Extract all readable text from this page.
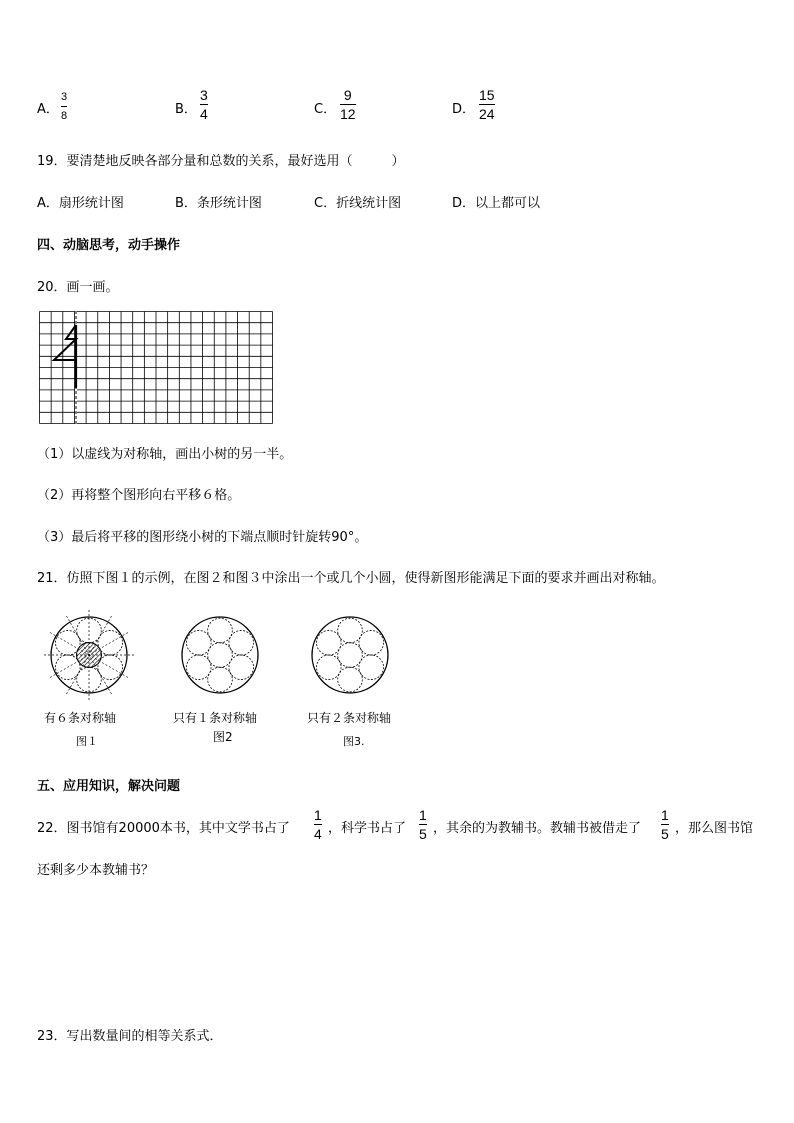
A．
3
8	B．
3
4	C．
9
12	D．
15
24
19．要清楚地反映各部分量和总数的关系，最好选用（　　　）
A．扇形统计图	B．条形统计图	C．折线统计图	D．以上都可以
四、动脑思考，动手操作
20．画一画。
（1）以虚线为对称轴，画出小树的另一半。
（2）再将整个图形向右平移６格。
（3）最后将平移的图形绕小树的下端点顺时针旋转90°。
21．仿照下图１的示例，在图２和图３中涂出一个或几个小圆，使得新图形能满足下面的要求并画出对称轴。
有６条对称轴	只有１条对称轴	只有２条对称轴
图１	图2	图3.
五、应用知识，解决问题
22．图书馆有20000本书，其中文学书占了
1
4 ，科学书占了
1
5 ，其余的为教辅书。教辅书被借走了
1
5 ，那么图书馆
还剩多少本教辅书？
23．写出数量间的相等关系式．
